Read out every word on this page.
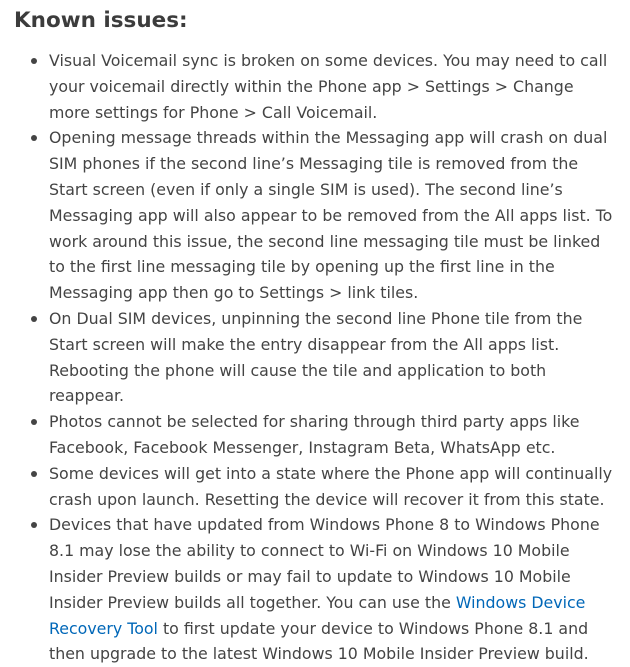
Known issues:
Visual Voicemail sync is broken on some devices. You may need to call your voicemail directly within the Phone app > Settings > Change more settings for Phone > Call Voicemail.
Opening message threads within the Messaging app will crash on dual SIM phones if the second line’s Messaging tile is removed from the Start screen (even if only a single SIM is used). The second line’s Messaging app will also appear to be removed from the All apps list. To work around this issue, the second line messaging tile must be linked to the first line messaging tile by opening up the first line in the Messaging app then go to Settings > link tiles.
On Dual SIM devices, unpinning the second line Phone tile from the Start screen will make the entry disappear from the All apps list. Rebooting the phone will cause the tile and application to both reappear.
Photos cannot be selected for sharing through third party apps like Facebook, Facebook Messenger, Instagram Beta, WhatsApp etc.
Some devices will get into a state where the Phone app will continually crash upon launch. Resetting the device will recover it from this state.
Devices that have updated from Windows Phone 8 to Windows Phone 8.1 may lose the ability to connect to Wi-Fi on Windows 10 Mobile Insider Preview builds or may fail to update to Windows 10 Mobile Insider Preview builds all together. You can use the Windows Device Recovery Tool to first update your device to Windows Phone 8.1 and then upgrade to the latest Windows 10 Mobile Insider Preview build.
